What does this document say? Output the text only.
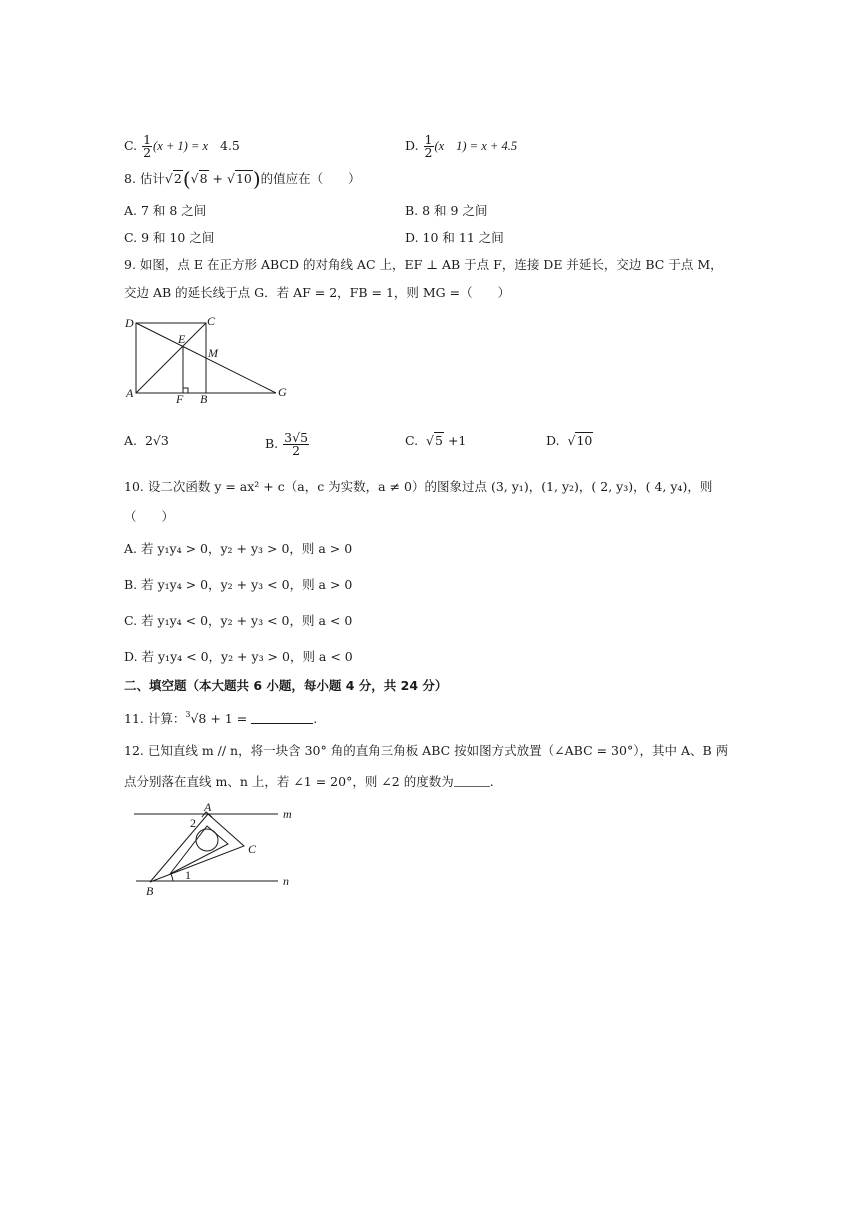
C. $\frac{1}{2} (x + 1) = x$ 4.5	D. $\frac{1}{2} (x$ 1) = x + 4.5
8. 估计√2(√8 + √10)的值应在（　　）
A. 7 和 8 之间	B. 8 和 9 之间
C. 9 和 10 之间	D. 10 和 11 之间
9. 如图，点 E 在正方形 ABCD 的对角线 AC 上，EF ⊥ AB 于点 F，连接 DE 并延长，交边 BC 于点 M，
交边 AB 的延长线于点 G．若 AF = 2，FB = 1，则 MG =（　　）
D	C
E
M
A	F B	G
A. 2√3	B. $\frac{3√5}{2}$	C.  √5 +1	D.  √10
10. 设二次函数 y = ax² + c（a，c 为实数，a ≠ 0）的图象过点 (3, y₁)，(1, y₂)，( 2, y₃)，( 4, y₄)，则
（　　）
A. 若 y₁y₄ > 0，y₂ + y₃ > 0，则 a > 0
B. 若 y₁y₄ > 0，y₂ + y₃ < 0，则 a > 0
C. 若 y₁y₄ < 0，y₂ + y₃ < 0，则 a < 0
D. 若 y₁y₄ < 0，y₂ + y₃ > 0，则 a < 0
二、填空题（本大题共 6 小题，每小题 4 分，共 24 分）
11. 计算：$^3$√8 + 1 =	.
12. 已知直线 m // n，将一块含 30° 角的直角三角板 ABC 按如图方式放置（∠ABC = 30°），其中 A、B 两
点分别落在直线 m、n 上，若 ∠1 = 20°，则 ∠2 的度数为	.
A	m
2
C
1	n
B
